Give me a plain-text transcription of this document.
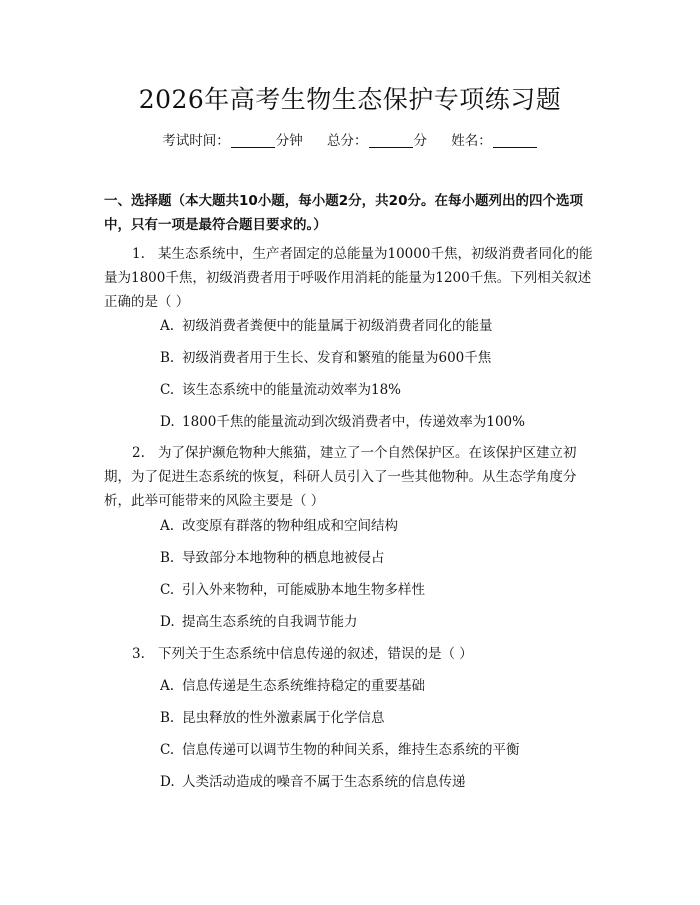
2026年高考生物生态保护专项练习题
考试时间：	分钟 总分：	分 姓名：
一、选择题（本大题共10小题，每小题2分，共20分。在每小题列出的四个选项中，只有一项是最符合题目要求的。）
1. 某生态系统中，生产者固定的总能量为10000千焦，初级消费者同化的能量为1800千焦，初级消费者用于呼吸作用消耗的能量为1200千焦。下列相关叙述正确的是（ ）
A. 初级消费者粪便中的能量属于初级消费者同化的能量
B. 初级消费者用于生长、发育和繁殖的能量为600千焦
C. 该生态系统中的能量流动效率为18%
D. 1800千焦的能量流动到次级消费者中，传递效率为100%
2. 为了保护濒危物种大熊猫，建立了一个自然保护区。在该保护区建立初期，为了促进生态系统的恢复，科研人员引入了一些其他物种。从生态学角度分析，此举可能带来的风险主要是（ ）
A. 改变原有群落的物种组成和空间结构
B. 导致部分本地物种的栖息地被侵占
C. 引入外来物种，可能威胁本地生物多样性
D. 提高生态系统的自我调节能力
3. 下列关于生态系统中信息传递的叙述，错误的是（ ）
A. 信息传递是生态系统维持稳定的重要基础
B. 昆虫释放的性外激素属于化学信息
C. 信息传递可以调节生物的种间关系，维持生态系统的平衡
D. 人类活动造成的噪音不属于生态系统的信息传递
